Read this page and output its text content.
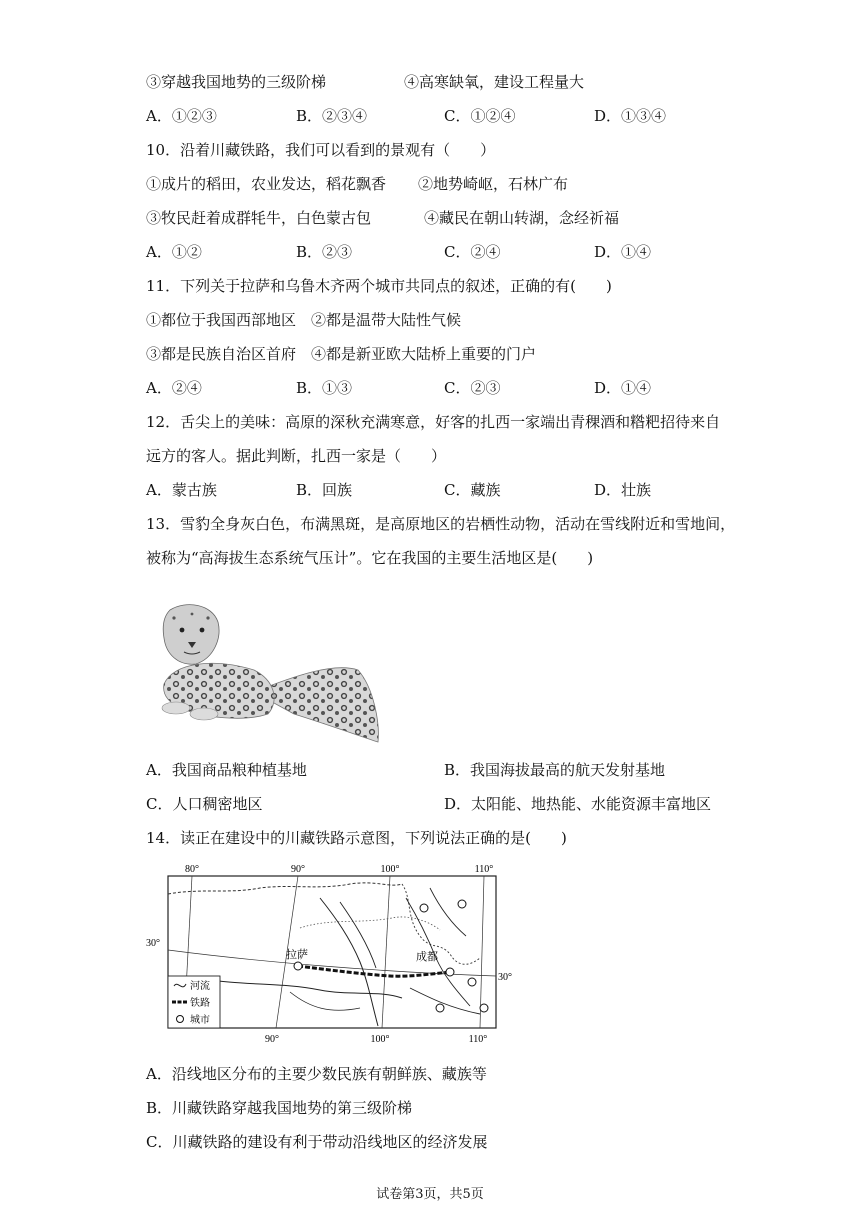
③穿越我国地势的三级阶梯	④高寒缺氧，建设工程量大
A．①②③	B．②③④	C．①②④	D．①③④
10．沿着川藏铁路，我们可以看到的景观有（　　）
①成片的稻田，农业发达，稻花飘香 ②地势崎岖，石林广布
③牧民赶着成群牦牛，白色蒙古包	④藏民在朝山转湖，念经祈福
A．①②	B．②③	C．②④	D．①④
11．下列关于拉萨和乌鲁木齐两个城市共同点的叙述，正确的有(　　)
①都位于我国西部地区　②都是温带大陆性气候
③都是民族自治区首府　④都是新亚欧大陆桥上重要的门户
A．②④	B．①③	C．②③	D．①④
12．舌尖上的美味：高原的深秋充满寒意，好客的扎西一家端出青稞酒和糌粑招待来自
远方的客人。据此判断，扎西一家是（　　）
A．蒙古族	B．回族	C．藏族	D．壮族
13．雪豹全身灰白色，布满黑斑，是高原地区的岩栖性动物，活动在雪线附近和雪地间，
被称为“高海拔生态系统气压计”。它在我国的主要生活地区是(　　)
A．我国商品粮种植基地	B．我国海拔最高的航天发射基地
C．人口稠密地区	D．太阳能、地热能、水能资源丰富地区
14．读正在建设中的川藏铁路示意图，下列说法正确的是(　　)
80°	90°	100°	110°
90°	100°	110°
30°
30°
拉萨	成都
河流
铁路
城市
A．沿线地区分布的主要少数民族有朝鲜族、藏族等
B．川藏铁路穿越我国地势的第三级阶梯
C．川藏铁路的建设有利于带动沿线地区的经济发展
试卷第3页，共5页
